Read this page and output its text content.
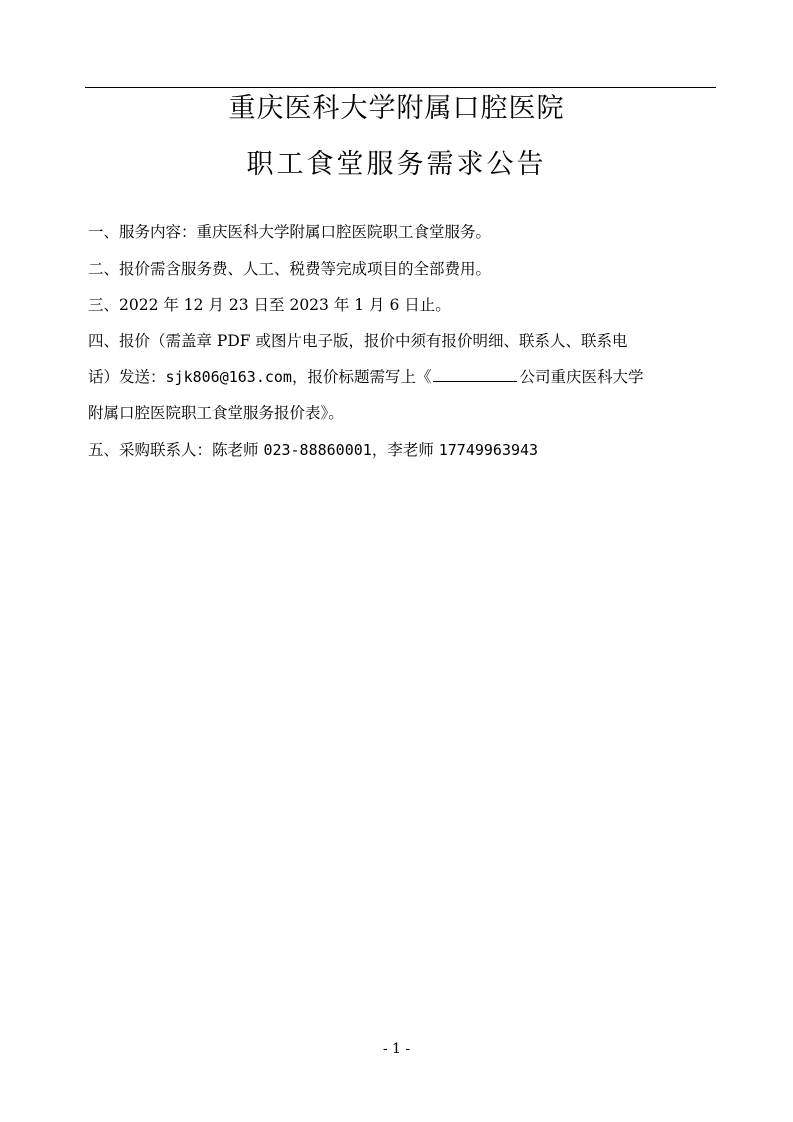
重庆医科大学附属口腔医院
职工食堂服务需求公告
一、服务内容：重庆医科大学附属口腔医院职工食堂服务。
二、报价需含服务费、人工、税费等完成项目的全部费用。
三、2022 年 12 月 23 日至 2023 年 1 月 6 日止。
四、报价（需盖章 PDF 或图片电子版，报价中须有报价明细、联系人、联系电
话）发送：sjk806@163.com，报价标题需写上《	公司重庆医科大学
附属口腔医院职工食堂服务报价表》。
五、采购联系人：陈老师 023-88860001，李老师 17749963943
- 1 -
